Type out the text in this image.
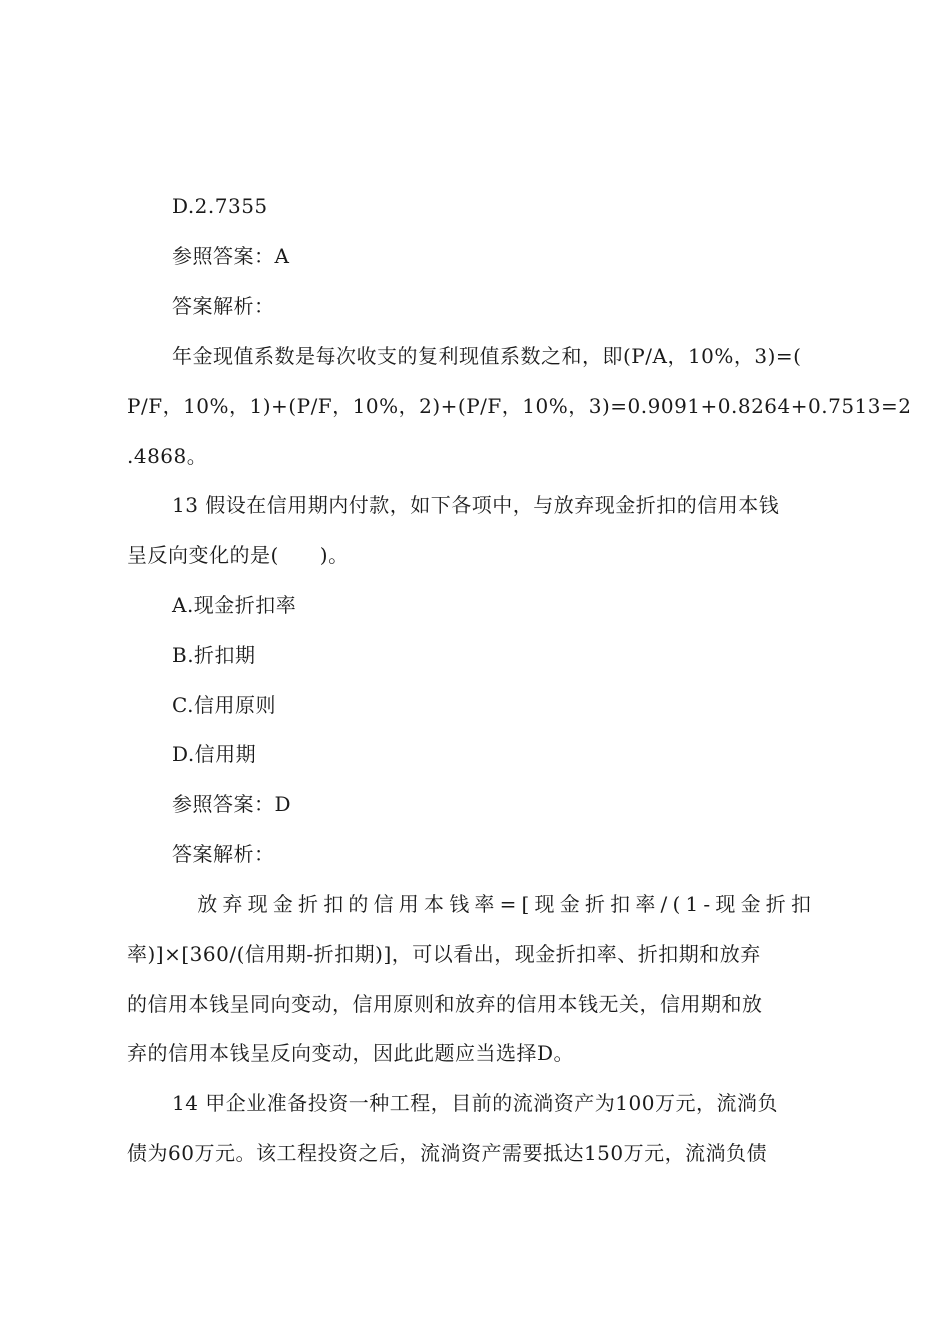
D.2.7355
参照答案：A
答案解析：
年金现值系数是每次收支的复利现值系数之和，即(P/A，10%，3)=(
P/F，10%，1)+(P/F，10%，2)+(P/F，10%，3)=0.9091+0.8264+0.7513=2
.4868。
13 假设在信用期内付款，如下各项中，与放弃现金折扣的信用本钱
呈反向变化的是(　　)。
A.现金折扣率
B.折扣期
C.信用原则
D.信用期
参照答案：D
答案解析：
　放弃现金折扣的信用本钱率=[现金折扣率/(1-现金折扣
率)]×[360/(信用期-折扣期)]，可以看出，现金折扣率、折扣期和放弃
的信用本钱呈同向变动，信用原则和放弃的信用本钱无关，信用期和放
弃的信用本钱呈反向变动，因此此题应当选择D。
14 甲企业准备投资一种工程，目前的流淌资产为100万元，流淌负
债为60万元。该工程投资之后，流淌资产需要抵达150万元，流淌负债
